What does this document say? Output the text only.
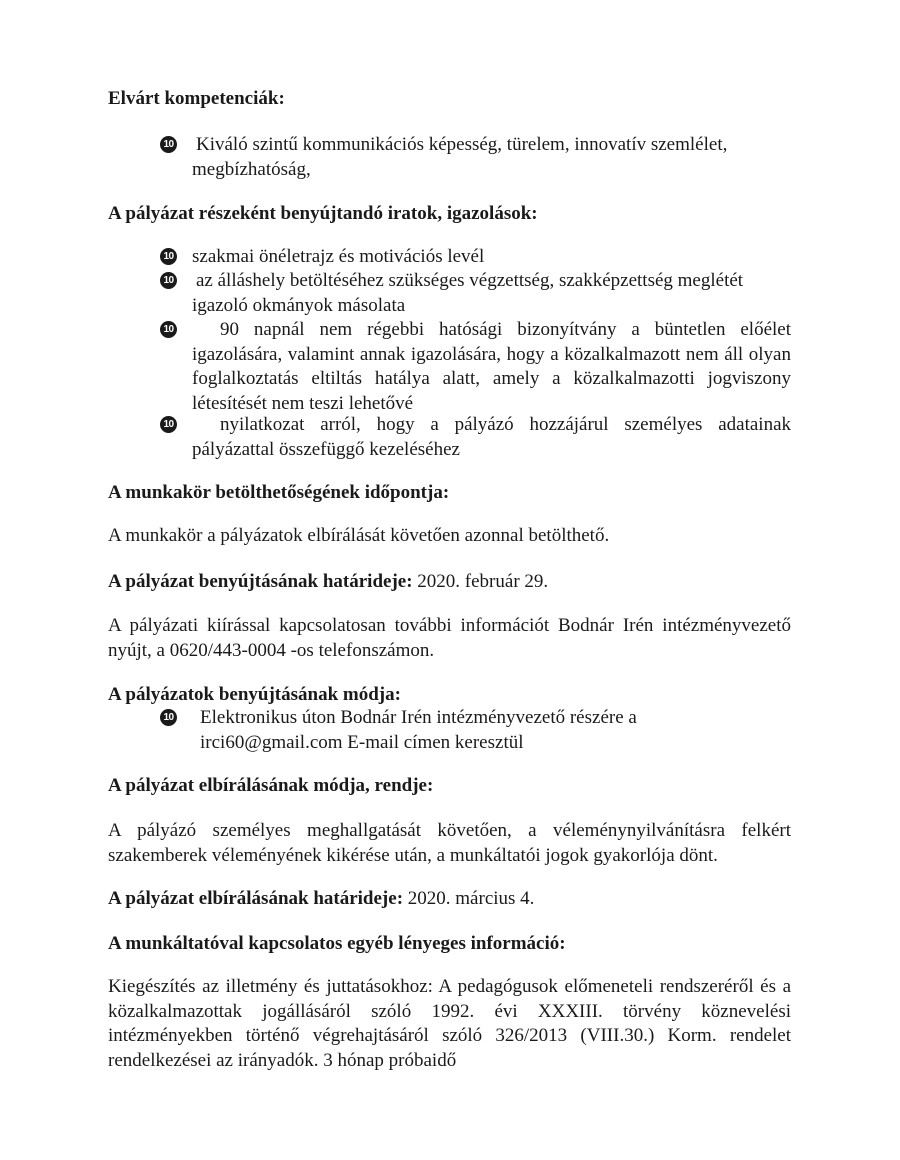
Elvárt kompetenciák:
10 Kiváló szintű kommunikációs képesség, türelem, innovatív szemlélet, megbízhatóság,
A pályázat részeként benyújtandó iratok, igazolások:
10 szakmai önéletrajz és motivációs levél
10 az álláshely betöltéséhez szükséges végzettség, szakképzettség meglétét igazoló okmányok másolata
10	90 napnál nem régebbi hatósági bizonyítvány a büntetlen előélet igazolására, valamint annak igazolására, hogy a közalkalmazott nem áll olyan foglalkoztatás eltiltás hatálya alatt, amely a közalkalmazotti jogviszony létesítését nem teszi lehetővé
10	nyilatkozat arról, hogy a pályázó hozzájárul személyes adatainak pályázattal összefüggő kezeléséhez
A munkakör betölthetőségének időpontja:
A munkakör a pályázatok elbírálását követően azonnal betölthető.
A pályázat benyújtásának határideje: 2020. február 29.
A pályázati kiírással kapcsolatosan további információt Bodnár Irén intézményvezető nyújt, a 0620/443-0004 -os telefonszámon.
A pályázatok benyújtásának módja:
10	Elektronikus úton Bodnár Irén intézményvezető részére a irci60@gmail.com E-mail címen keresztül
A pályázat elbírálásának módja, rendje:
A pályázó személyes meghallgatását követően, a véleménynyilvánításra felkért szakemberek véleményének kikérése után, a munkáltatói jogok gyakorlója dönt.
A pályázat elbírálásának határideje: 2020. március 4.
A munkáltatóval kapcsolatos egyéb lényeges információ:
Kiegészítés az illetmény és juttatásokhoz: A pedagógusok előmeneteli rendszeréről és a közalkalmazottak jogállásáról szóló 1992. évi XXXIII. törvény köznevelési intézményekben történő végrehajtásáról szóló 326/2013 (VIII.30.) Korm. rendelet rendelkezései az irányadók. 3 hónap próbaidő
